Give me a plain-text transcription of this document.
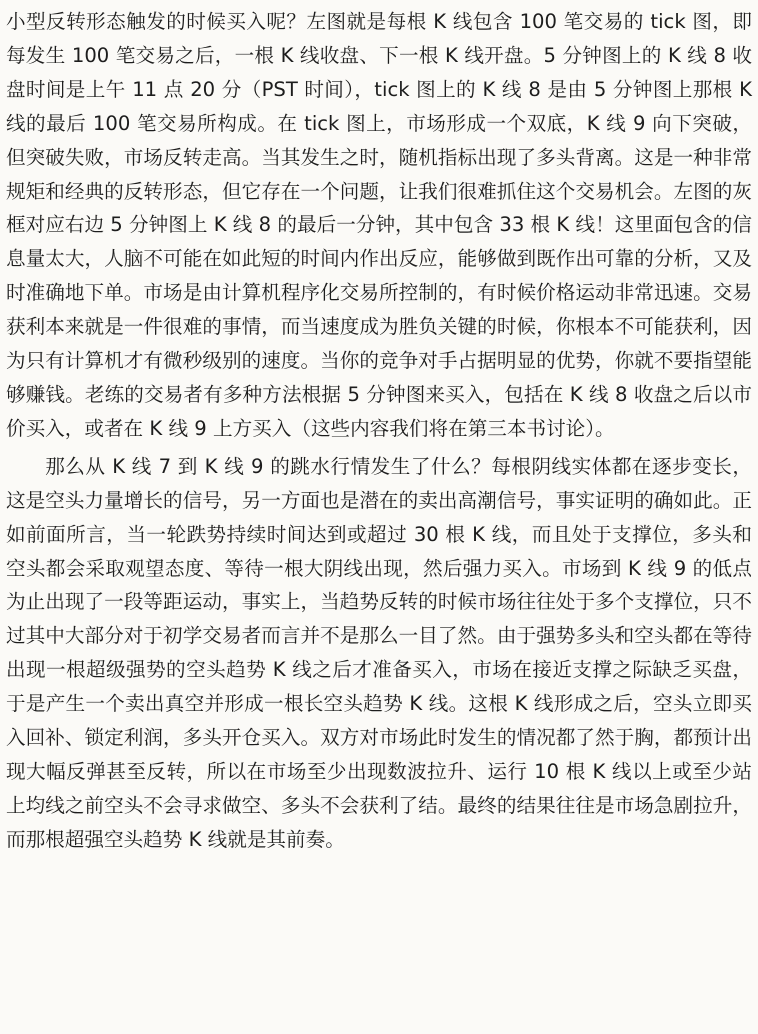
小型反转形态触发的时候买入呢？左图就是每根 K 线包含 100 笔交易的 tick 图，即每发生 100 笔交易之后，一根 K 线收盘、下一根 K 线开盘。5 分钟图上的 K 线 8 收盘时间是上午 11 点 20 分（PST 时间），tick 图上的 K 线 8 是由 5 分钟图上那根 K 线的最后 100 笔交易所构成。在 tick 图上，市场形成一个双底，K 线 9 向下突破，但突破失败，市场反转走高。当其发生之时，随机指标出现了多头背离。这是一种非常规矩和经典的反转形态，但它存在一个问题，让我们很难抓住这个交易机会。左图的灰框对应右边 5 分钟图上 K 线 8 的最后一分钟，其中包含 33 根 K 线！这里面包含的信息量太大，人脑不可能在如此短的时间内作出反应，能够做到既作出可靠的分析，又及时准确地下单。市场是由计算机程序化交易所控制的，有时候价格运动非常迅速。交易获利本来就是一件很难的事情，而当速度成为胜负关键的时候，你根本不可能获利，因为只有计算机才有微秒级别的速度。当你的竞争对手占据明显的优势，你就不要指望能够赚钱。老练的交易者有多种方法根据 5 分钟图来买入，包括在 K 线 8 收盘之后以市价买入，或者在 K 线 9 上方买入（这些内容我们将在第三本书讨论）。

那么从 K 线 7 到 K 线 9 的跳水行情发生了什么？每根阴线实体都在逐步变长，这是空头力量增长的信号，另一方面也是潜在的卖出高潮信号，事实证明的确如此。正如前面所言，当一轮跌势持续时间达到或超过 30 根 K 线，而且处于支撑位，多头和空头都会采取观望态度、等待一根大阴线出现，然后强力买入。市场到 K 线 9 的低点为止出现了一段等距运动，事实上，当趋势反转的时候市场往往处于多个支撑位，只不过其中大部分对于初学交易者而言并不是那么一目了然。由于强势多头和空头都在等待出现一根超级强势的空头趋势 K 线之后才准备买入，市场在接近支撑之际缺乏买盘，于是产生一个卖出真空并形成一根长空头趋势 K 线。这根 K 线形成之后，空头立即买入回补、锁定利润，多头开仓买入。双方对市场此时发生的情况都了然于胸，都预计出现大幅反弹甚至反转，所以在市场至少出现数波拉升、运行 10 根 K 线以上或至少站上均线之前空头不会寻求做空、多头不会获利了结。最终的结果往往是市场急剧拉升，而那根超强空头趋势 K 线就是其前奏。
